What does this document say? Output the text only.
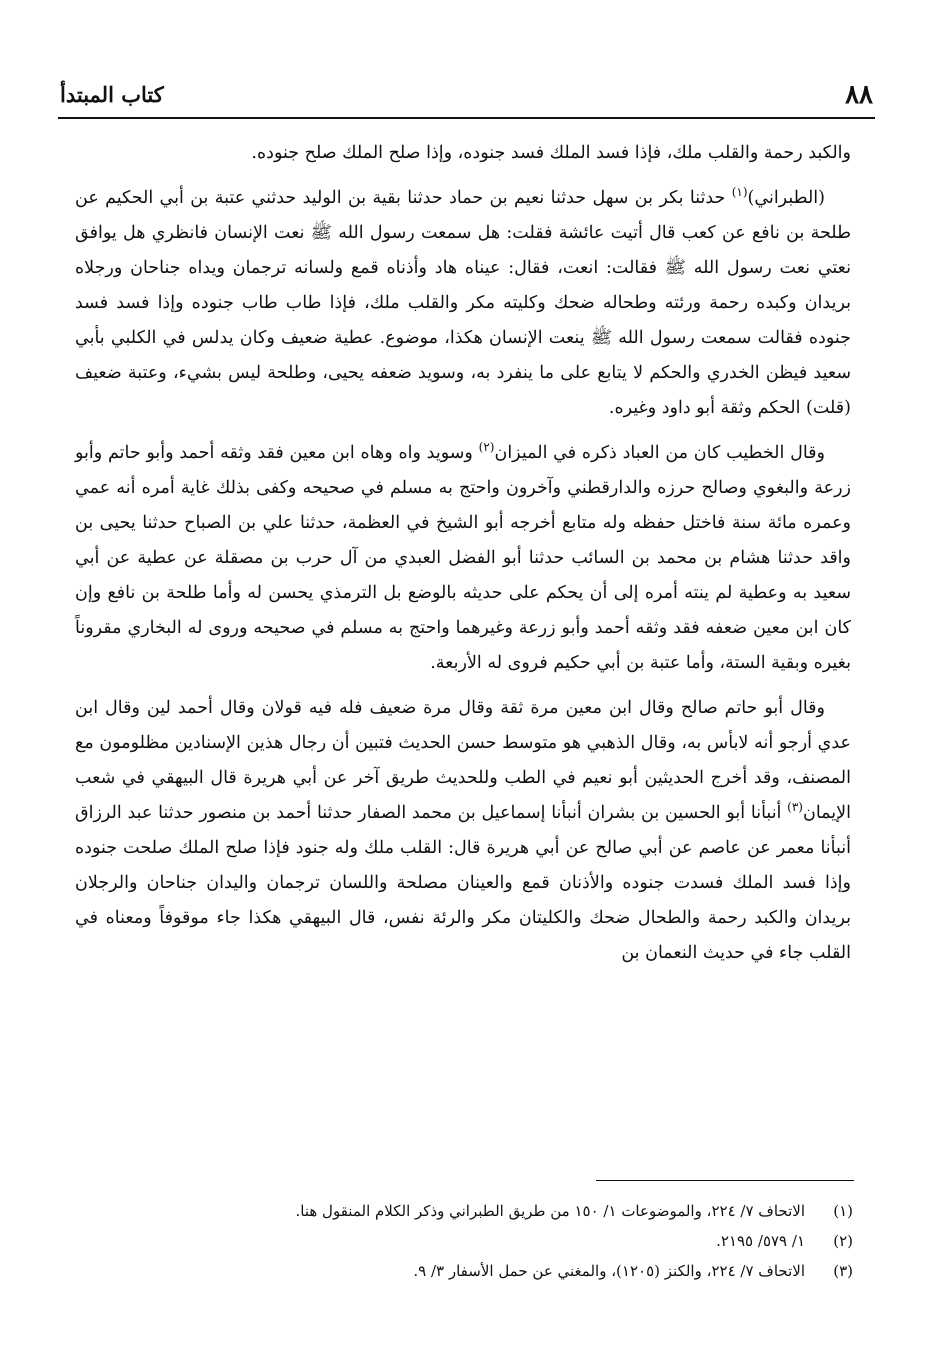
٨٨
كتاب المبتدأ

والكبد رحمة والقلب ملك، فإذا فسد الملك فسد جنوده، وإذا صلح الملك صلح جنوده.

(الطبراني)$^{(١)}$ حدثنا بكر بن سهل حدثنا نعيم بن حماد حدثنا بقية بن الوليد حدثني عتبة بن أبي الحكيم عن طلحة بن نافع عن كعب قال أتيت عائشة فقلت: هل سمعت رسول الله ﷺ نعت الإنسان فانظري هل يوافق نعتي نعت رسول الله ﷺ فقالت: انعت، فقال: عيناه هاد وأذناه قمع ولسانه ترجمان ويداه جناحان ورجلاه بريدان وكبده رحمة ورئته وطحاله ضحك وكليته مكر والقلب ملك، فإذا طاب طاب جنوده وإذا فسد فسد جنوده فقالت سمعت رسول الله ﷺ ينعت الإنسان هكذا، موضوع. عطية ضعيف وكان يدلس في الكلبي بأبي سعيد فيظن الخدري والحكم لا يتابع على ما ينفرد به، وسويد ضعفه يحيى، وطلحة ليس بشيء، وعتبة ضعيف (قلت) الحكم وثقة أبو داود وغيره.

وقال الخطيب كان من العباد ذكره في الميزان$^{(٢)}$ وسويد واه وهاه ابن معين فقد وثقه أحمد وأبو حاتم وأبو زرعة والبغوي وصالح حرزه والدارقطني وآخرون واحتج به مسلم في صحيحه وكفى بذلك غاية أمره أنه عمي وعمره مائة سنة فاختل حفظه وله متابع أخرجه أبو الشيخ في العظمة، حدثنا علي بن الصباح حدثنا يحيى بن واقد حدثنا هشام بن محمد بن السائب حدثنا أبو الفضل العبدي من آل حرب بن مصقلة عن عطية عن أبي سعيد به وعطية لم ينته أمره إلى أن يحكم على حديثه بالوضع بل الترمذي يحسن له وأما طلحة بن نافع وإن كان ابن معين ضعفه فقد وثقه أحمد وأبو زرعة وغيرهما واحتج به مسلم في صحيحه وروى له البخاري مقروناً بغيره وبقية الستة، وأما عتبة بن أبي حكيم فروى له الأربعة.

وقال أبو حاتم صالح وقال ابن معين مرة ثقة وقال مرة ضعيف فله فيه قولان وقال أحمد لين وقال ابن عدي أرجو أنه لابأس به، وقال الذهبي هو متوسط حسن الحديث فتبين أن رجال هذين الإسنادين مظلومون مع المصنف، وقد أخرج الحديثين أبو نعيم في الطب وللحديث طريق آخر عن أبي هريرة قال البيهقي في شعب الإيمان$^{(٣)}$ أنبأنا أبو الحسين بن بشران أنبأنا إسماعيل بن محمد الصفار حدثنا أحمد بن منصور حدثنا عبد الرزاق أنبأنا معمر عن عاصم عن أبي صالح عن أبي هريرة قال: القلب ملك وله جنود فإذا صلح الملك صلحت جنوده وإذا فسد الملك فسدت جنوده والأذنان قمع والعينان مصلحة واللسان ترجمان واليدان جناحان والرجلان بريدان والكبد رحمة والطحال ضحك والكليتان مكر والرئة نفس، قال البيهقي هكذا جاء موقوفاً ومعناه في القلب جاء في حديث النعمان بن

(١)
الاتحاف ٧/ ٢٢٤، والموضوعات ١/ ١٥٠ من طريق الطبراني وذكر الكلام المنقول هنا.
(٢)
١/ ٥٧٩/ ٢١٩٥.
(٣)
الاتحاف ٧/ ٢٢٤، والكنز (١٢٠٥)، والمغني عن حمل الأسفار ٣/ ٩.
